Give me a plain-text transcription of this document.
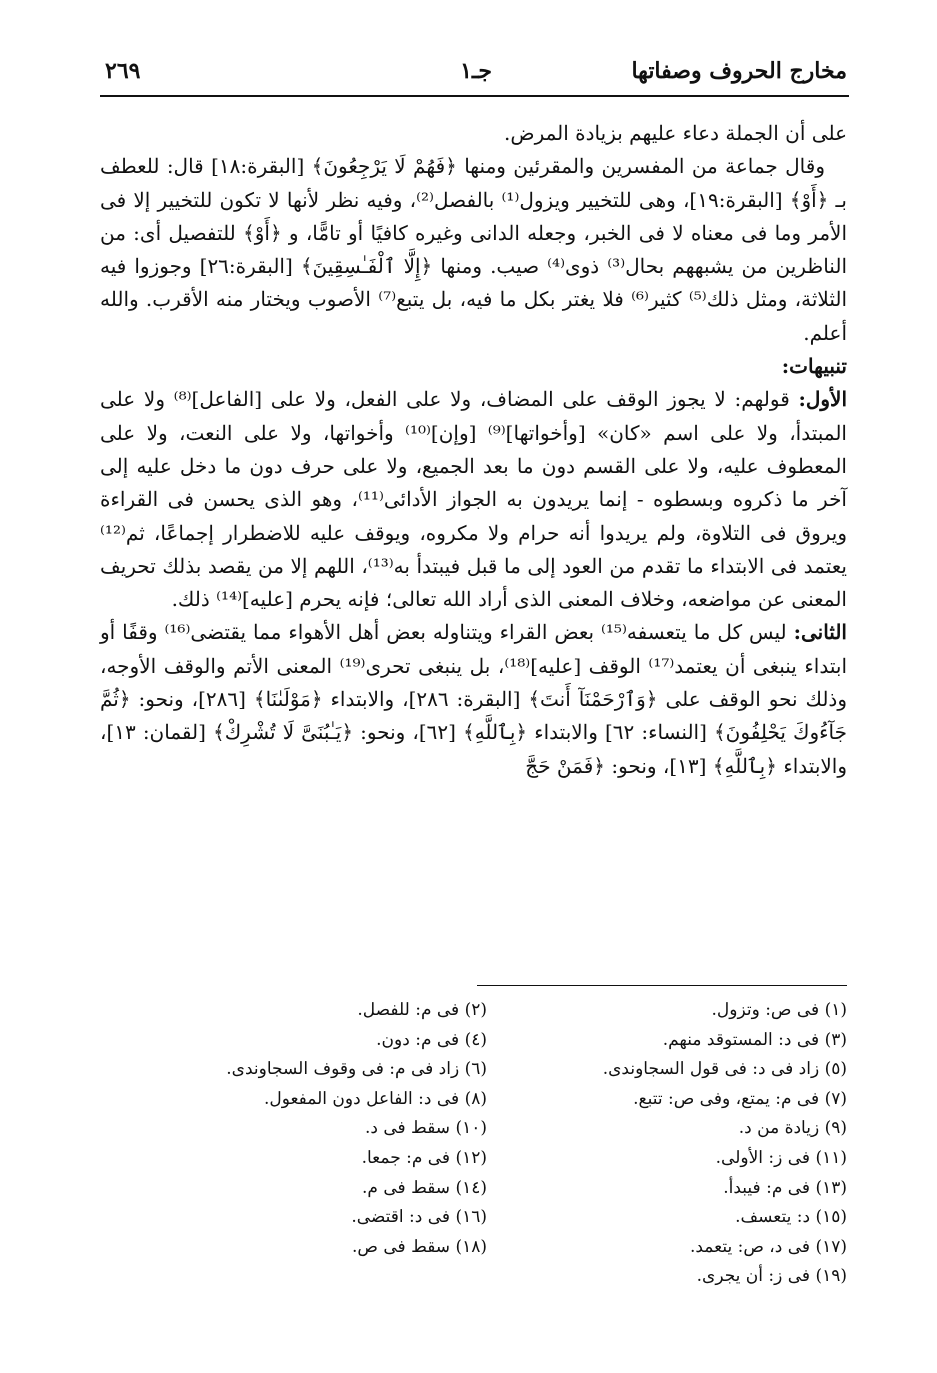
مخارج الحروف وصفاتها
جـ١
٢٦٩

على أن الجملة دعاء عليهم بزيادة المرض.

وقال جماعة من المفسرين والمقرئين ومنها ﴿فَهُمْ لَا يَرْجِعُونَ﴾ [البقرة:١٨] قال: للعطف بـ ﴿أَوْ﴾ [البقرة:١٩]، وهى للتخيير ويزول⁽¹⁾ بالفصل⁽²⁾، وفيه نظر لأنها لا تكون للتخيير إلا فى الأمر وما فى معناه لا فى الخبر، وجعله الدانى وغيره كافيًا أو تامًّا، و ﴿أَوْ﴾ للتفصيل أى: من الناظرين من يشبههم بحال⁽³⁾ ذوى⁽⁴⁾ صيب. ومنها ﴿إِلَّا ٱلْفَـٰسِقِينَ﴾ [البقرة:٢٦] وجوزوا فيه الثلاثة، ومثل ذلك⁽⁵⁾ كثير⁽⁶⁾ فلا يغتر بكل ما فيه، بل يتبع⁽⁷⁾ الأصوب ويختار منه الأقرب. والله أعلم.

تنبيهات:

الأول: قولهم: لا يجوز الوقف على المضاف، ولا على الفعل، ولا على [الفاعل]⁽⁸⁾ ولا على المبتدأ، ولا على اسم «كان» [وأخواتها]⁽⁹⁾ [وإن]⁽¹⁰⁾ وأخواتها، ولا على النعت، ولا على المعطوف عليه، ولا على القسم دون ما بعد الجميع، ولا على حرف دون ما دخل عليه إلى آخر ما ذكروه وبسطوه - إنما يريدون به الجواز الأدائى⁽¹¹⁾، وهو الذى يحسن فى القراءة ويروق فى التلاوة، ولم يريدوا أنه حرام ولا مكروه، ويوقف عليه للاضطرار إجماعًا، ثم⁽¹²⁾ يعتمد فى الابتداء ما تقدم من العود إلى ما قبل فيبتدأ به⁽¹³⁾، اللهم إلا من يقصد بذلك تحريف المعنى عن مواضعه، وخلاف المعنى الذى أراد الله تعالى؛ فإنه يحرم [عليه]⁽¹⁴⁾ ذلك.

الثانى: ليس كل ما يتعسفه⁽¹⁵⁾ بعض القراء ويتناوله بعض أهل الأهواء مما يقتضى⁽¹⁶⁾ وقفًا أو ابتداء ينبغى أن يعتمد⁽¹⁷⁾ الوقف [عليه]⁽¹⁸⁾، بل ينبغى تحرى⁽¹⁹⁾ المعنى الأتم والوقف الأوجه، وذلك نحو الوقف على ﴿وَٱرْحَمْنَآ أَنتَ﴾ [البقرة: ٢٨٦]، والابتداء ﴿مَوْلَىٰنَا﴾ [٢٨٦]، ونحو: ﴿ثُمَّ جَآءُوكَ يَحْلِفُونَ﴾ [النساء: ٦٢] والابتداء ﴿بِٱللَّهِ﴾ [٦٢]، ونحو: ﴿يَـٰبُنَىَّ لَا تُشْرِكْ﴾ [لقمان: ١٣]، والابتداء ﴿بِٱللَّهِ﴾ [١٣]، ونحو: ﴿فَمَنْ حَجَّ

(١) فى ص: وتزول.
(٣) فى د: المستوقد منهم.
(٥) زاد فى د: فى قول السجاوندى.
(٧) فى م: يمتع، وفى ص: تتبع.
(٩) زيادة من د.
(١١) فى ز: الأولى.
(١٣) فى م: فيبدأ.
(١٥) د: يتعسف.
(١٧) فى د، ص: يتعمد.
(١٩) فى ز: أن يجرى.
(٢) فى م: للفصل.
(٤) فى م: دون.
(٦) زاد فى م: فى وقوف السجاوندى.
(٨) فى د: الفاعل دون المفعول.
(١٠) سقط فى د.
(١٢) فى م: جمعا.
(١٤) سقط فى م.
(١٦) فى د: اقتضى.
(١٨) سقط فى ص.
